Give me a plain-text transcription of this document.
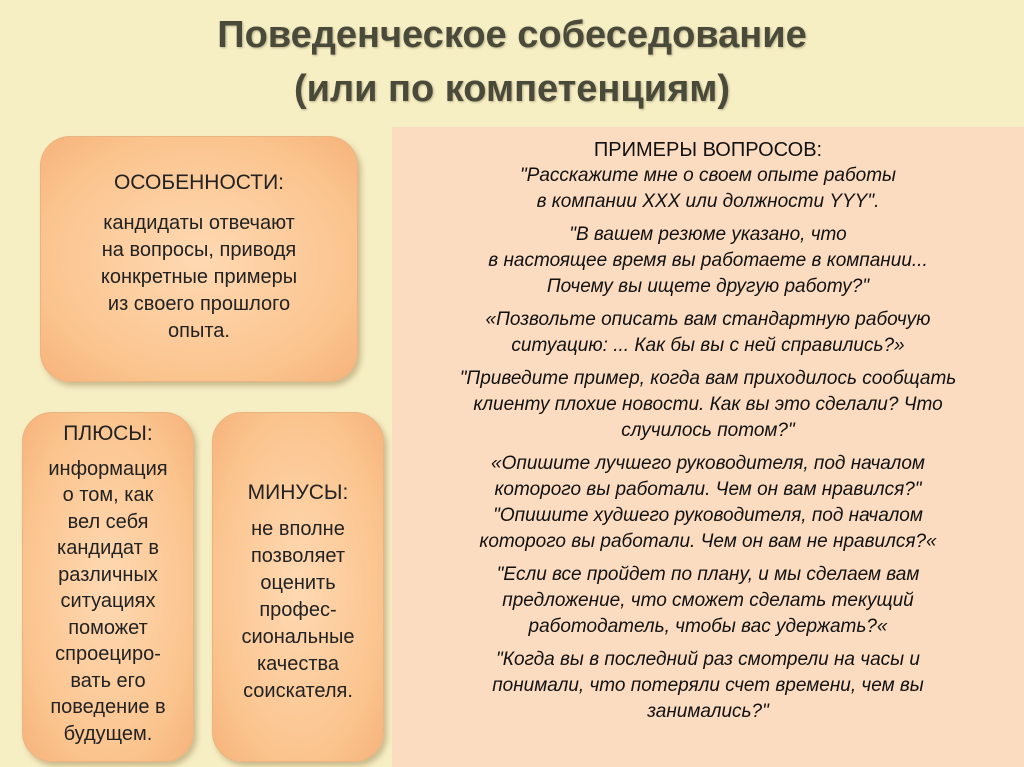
Поведенческое собеседование
(или по компетенциям)
ОСОБЕННОСТИ:
кандидаты отвечают
на вопросы, приводя
конкретные примеры
из своего прошлого
опыта.
ПЛЮСЫ:
информация
о том, как
вел себя
кандидат в
различных
ситуациях
поможет
спроециро-
вать его
поведение в
будущем.
МИНУСЫ:
не вполне
позволяет
оценить
профес-
сиональные
качества
соискателя.
ПРИМЕРЫ ВОПРОСОВ:
"Расскажите мне о своем опыте работы
в компании XXX или должности YYY".
"В вашем резюме указано, что
в настоящее время вы работаете в компании...
Почему вы ищете другую работу?"
«Позвольте описать вам стандартную рабочую
ситуацию: ... Как бы вы с ней справились?»
"Приведите пример, когда вам приходилось сообщать
клиенту плохие новости. Как вы это сделали? Что
случилось потом?"
«Опишите лучшего руководителя, под началом
которого вы работали. Чем он вам нравился?"
"Опишите худшего руководителя, под началом
которого вы работали. Чем он вам не нравился?«
"Если все пройдет по плану, и мы сделаем вам
предложение, что сможет сделать текущий
работодатель, чтобы вас удержать?«
"Когда вы в последний раз смотрели на часы и
понимали, что потеряли счет времени, чем вы
занимались?"
